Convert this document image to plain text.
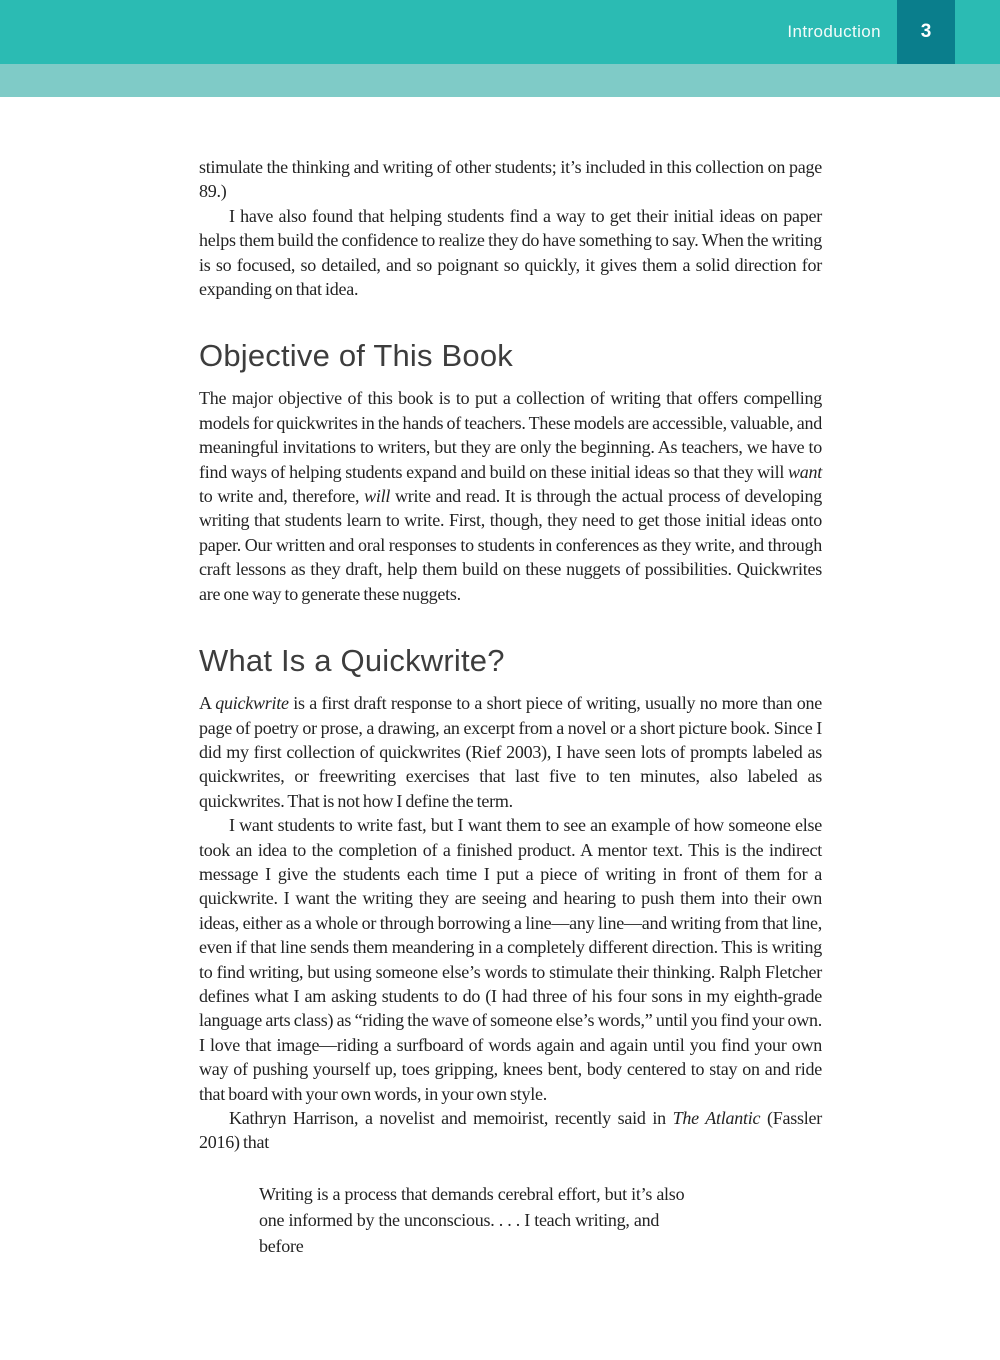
Introduction 3

stimulate the thinking and writing of other students; it’s included in this collection on page 89.)

I have also found that helping students find a way to get their initial ideas on paper helps them build the confidence to realize they do have something to say. When the writing is so focused, so detailed, and so poignant so quickly, it gives them a solid direction for expanding on that idea.

Objective of This Book

The major objective of this book is to put a collection of writing that offers compelling models for quickwrites in the hands of teachers. These models are accessible, valuable, and meaningful invitations to writers, but they are only the beginning. As teachers, we have to find ways of helping students expand and build on these initial ideas so that they will want to write and, therefore, will write and read. It is through the actual process of developing writing that students learn to write. First, though, they need to get those initial ideas onto paper. Our written and oral responses to students in conferences as they write, and through craft lessons as they draft, help them build on these nuggets of possibilities. Quickwrites are one way to generate these nuggets.

What Is a Quickwrite?

A quickwrite is a first draft response to a short piece of writing, usually no more than one page of poetry or prose, a drawing, an excerpt from a novel or a short picture book. Since I did my first collection of quickwrites (Rief 2003), I have seen lots of prompts labeled as quickwrites, or freewriting exercises that last five to ten minutes, also labeled as quickwrites. That is not how I define the term.

I want students to write fast, but I want them to see an example of how someone else took an idea to the completion of a finished product. A mentor text. This is the indirect message I give the students each time I put a piece of writing in front of them for a quickwrite. I want the writing they are seeing and hearing to push them into their own ideas, either as a whole or through borrowing a line—any line—and writing from that line, even if that line sends them meandering in a completely different direction. This is writing to find writing, but using someone else’s words to stimulate their thinking. Ralph Fletcher defines what I am asking students to do (I had three of his four sons in my eighth-grade language arts class) as “riding the wave of someone else’s words,” until you find your own. I love that image—riding a surfboard of words again and again until you find your own way of pushing yourself up, toes gripping, knees bent, body centered to stay on and ride that board with your own words, in your own style.

Kathryn Harrison, a novelist and memoirist, recently said in The Atlantic (Fassler 2016) that

Writing is a process that demands cerebral effort, but it’s also one informed by the unconscious. . . . I teach writing, and before
